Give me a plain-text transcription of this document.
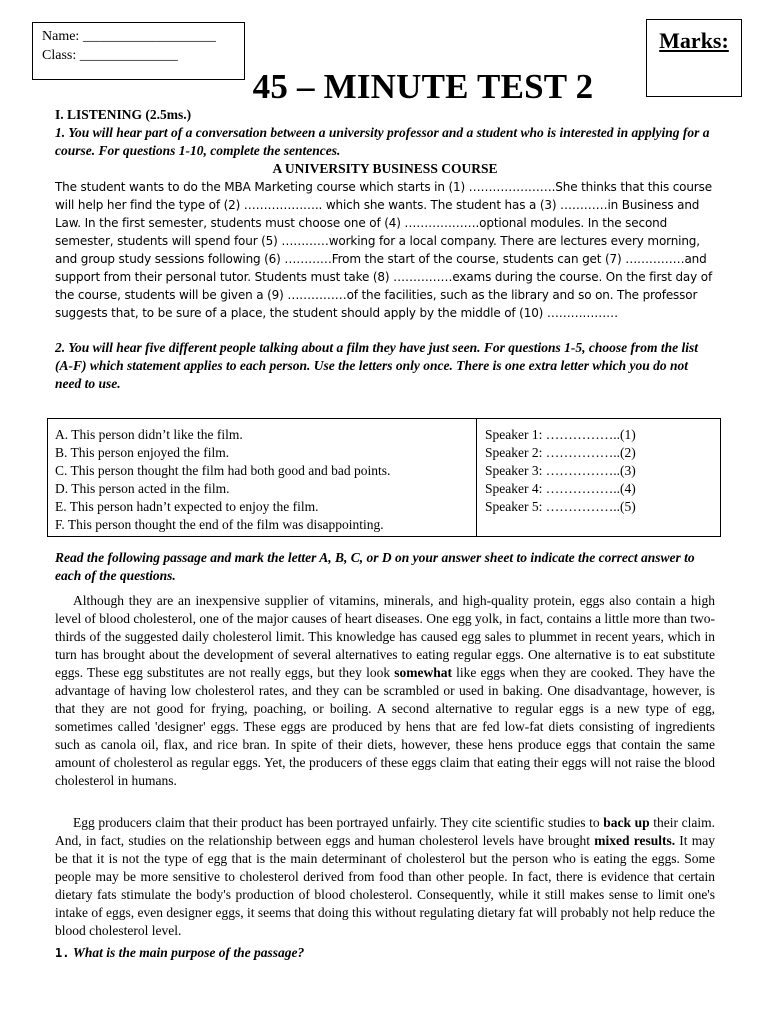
Name: ___________________
Class: ______________
Marks:
45 – MINUTE TEST 2
I. LISTENING (2.5ms.)
1. You will hear part of a conversation between a university professor and a student who is interested in applying for a course. For questions 1-10, complete the sentences.
A UNIVERSITY BUSINESS COURSE
The student wants to do the MBA Marketing course which starts in (1) ………………….She thinks that this course will help her find the type of (2) ……………….. which she wants. The student has a (3) …………in Business and Law. In the first semester, students must choose one of (4) ……………….optional modules. In the second semester, students will spend four (5) …………working for a local company. There are lectures every morning, and group study sessions following (6) …………From the start of the course, students can get (7) ……………and support from their personal tutor. Students must take (8) ……………exams during the course. On the first day of the course, students will be given a (9) ……………of the facilities, such as the library and so on. The professor suggests that, to be sure of a place, the student should apply by the middle of (10) ………………
2. You will hear five different people talking about a film they have just seen. For questions 1-5, choose from the list (A-F) which statement applies to each person. Use the letters only once. There is one extra letter which you do not need to use.
A. This person didn’t like the film.
B. This person enjoyed the film.
C. This person thought the film had both good and bad points.
D. This person acted in the film.
E. This person hadn’t expected to enjoy the film.
F. This person thought the end of the film was disappointing.
Speaker 1: ……………..(1)
Speaker 2: ……………..(2)
Speaker 3: ……………..(3)
Speaker 4: ……………..(4)
Speaker 5: ……………..(5)
Read the following passage and mark the letter A, B, C, or D on your answer sheet to indicate the correct answer to each of the questions.
Although they are an inexpensive supplier of vitamins, minerals, and high-quality protein, eggs also contain a high level of blood cholesterol, one of the major causes of heart diseases. One egg yolk, in fact, contains a little more than two-thirds of the suggested daily cholesterol limit. This knowledge has caused egg sales to plummet in recent years, which in turn has brought about the development of several alternatives to eating regular eggs. One alternative is to eat substitute eggs. These egg substitutes are not really eggs, but they look somewhat like eggs when they are cooked. They have the advantage of having low cholesterol rates, and they can be scrambled or used in baking. One disadvantage, however, is that they are not good for frying, poaching, or boiling. A second alternative to regular eggs is a new type of egg, sometimes called 'designer' eggs. These eggs are produced by hens that are fed low-fat diets consisting of ingredients such as canola oil, flax, and rice bran. In spite of their diets, however, these hens produce eggs that contain the same amount of cholesterol as regular eggs. Yet, the producers of these eggs claim that eating their eggs will not raise the blood cholesterol in humans.
Egg producers claim that their product has been portrayed unfairly. They cite scientific studies to back up their claim. And, in fact, studies on the relationship between eggs and human cholesterol levels have brought mixed results. It may be that it is not the type of egg that is the main determinant of cholesterol but the person who is eating the eggs. Some people may be more sensitive to cholesterol derived from food than other people. In fact, there is evidence that certain dietary fats stimulate the body's production of blood cholesterol. Consequently, while it still makes sense to limit one's intake of eggs, even designer eggs, it seems that doing this without regulating dietary fat will probably not help reduce the blood cholesterol level.
1. What is the main purpose of the passage?
